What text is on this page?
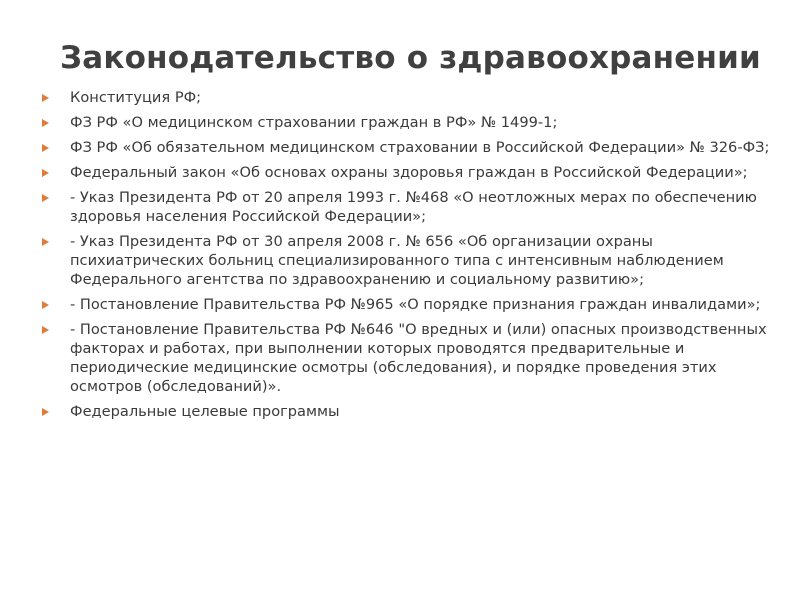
Законодательство о здравоохранении
Конституция РФ;
ФЗ РФ «О медицинском страховании граждан в РФ» № 1499-1;
ФЗ РФ «Об обязательном медицинском страховании в Российской Федерации» № 326-ФЗ;
Федеральный закон «Об основах охраны здоровья граждан в Российской Федерации»;
- Указ Президента РФ от 20 апреля 1993 г. №468 «О неотложных мерах по обеспечению здоровья населения Российской Федерации»;
- Указ Президента РФ от 30 апреля 2008 г. № 656 «Об организации охраны психиатрических больниц специализированного типа с интенсивным наблюдением Федерального агентства по здравоохранению и социальному развитию»;
- Постановление Правительства РФ №965 «О порядке признания граждан инвалидами»;
- Постановление Правительства РФ №646 "О вредных и (или) опасных производственных факторах и работах, при выполнении которых проводятся предварительные и периодические медицинские осмотры (обследования), и порядке проведения этих осмотров (обследований)».
Федеральные целевые программы
